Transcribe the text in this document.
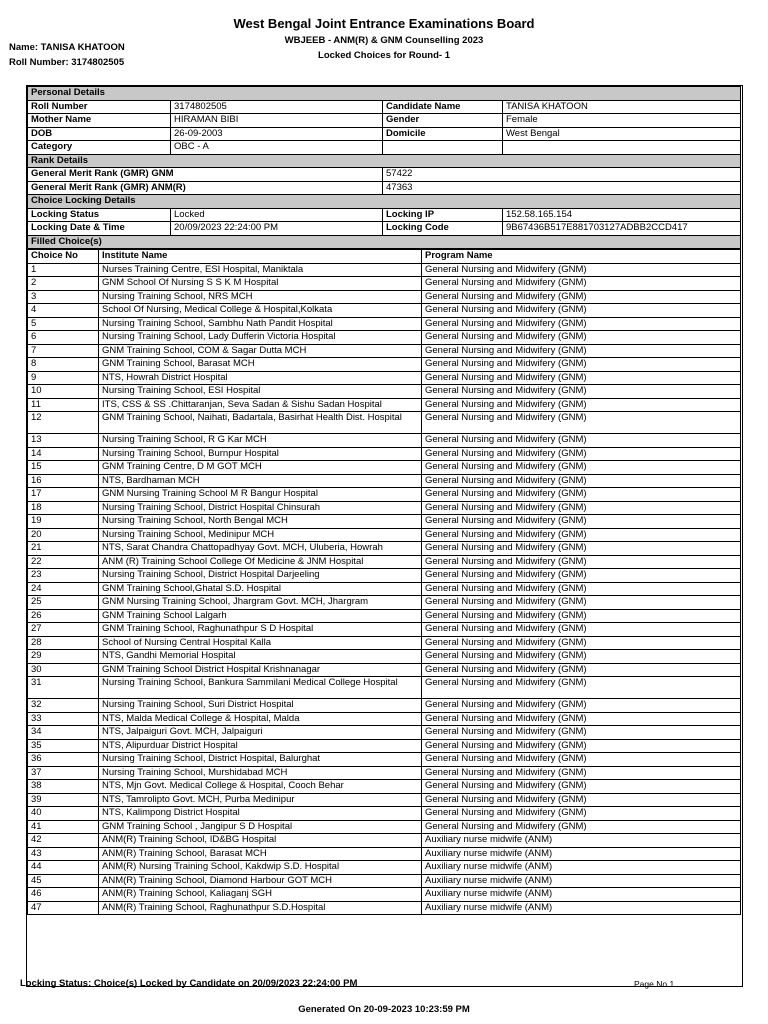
West Bengal Joint Entrance Examinations Board
WBJEEB - ANM(R) & GNM Counselling 2023
Locked Choices for Round- 1
Name: TANISA KHATOON
Roll Number: 3174802505
Personal Details			
Roll Number	3174802505	Candidate Name	TANISA KHATOON
Mother Name	HIRAMAN BIBI	Gender	Female
DOB	26-09-2003	Domicile	West Bengal
Category	OBC - A		
Rank Details			
General Merit Rank (GMR) GNM		57422	
General Merit Rank (GMR) ANM(R)		47363	
Choice Locking Details			
Locking Status	Locked	Locking IP	152.58.165.154
Locking Date & Time	20/09/2023 22:24:00 PM	Locking Code	9B67436B517E881703127ADBB2CCD417
Filled Choice(s)			
Choice No	Institute Name	Program Name
1	Nurses Training Centre, ESI Hospital, Maniktala	General Nursing and Midwifery (GNM)
2	GNM School Of Nursing S S K M Hospital	General Nursing and Midwifery (GNM)
3	Nursing Training School, NRS MCH	General Nursing and Midwifery (GNM)
4	School Of Nursing, Medical College & Hospital,Kolkata	General Nursing and Midwifery (GNM)
5	Nursing Training School, Sambhu Nath Pandit Hospital	General Nursing and Midwifery (GNM)
6	Nursing Training School, Lady Dufferin Victoria Hospital	General Nursing and Midwifery (GNM)
7	GNM Training School, COM & Sagar Dutta MCH	General Nursing and Midwifery (GNM)
8	GNM Training School, Barasat MCH	General Nursing and Midwifery (GNM)
9	NTS, Howrah District Hospital	General Nursing and Midwifery (GNM)
10	Nursing Training School, ESI Hospital	General Nursing and Midwifery (GNM)
11	ITS, CSS & SS .Chittaranjan, Seva Sadan & Sishu Sadan Hospital	General Nursing and Midwifery (GNM)
12	GNM Training School, Naihati, Badartala, Basirhat Health Dist. Hospital	General Nursing and Midwifery (GNM)
13	Nursing Training School, R G Kar MCH	General Nursing and Midwifery (GNM)
14	Nursing Training School, Burnpur Hospital	General Nursing and Midwifery (GNM)
15	GNM Training Centre, D M GOT MCH	General Nursing and Midwifery (GNM)
16	NTS, Bardhaman MCH	General Nursing and Midwifery (GNM)
17	GNM Nursing Training School M R Bangur Hospital	General Nursing and Midwifery (GNM)
18	Nursing Training School, District Hospital Chinsurah	General Nursing and Midwifery (GNM)
19	Nursing Training School, North Bengal MCH	General Nursing and Midwifery (GNM)
20	Nursing Training School, Medinipur MCH	General Nursing and Midwifery (GNM)
21	NTS, Sarat Chandra Chattopadhyay Govt. MCH, Uluberia, Howrah	General Nursing and Midwifery (GNM)
22	ANM (R) Training School College Of Medicine & JNM Hospital	General Nursing and Midwifery (GNM)
23	Nursing Training School, District Hospital Darjeeling	General Nursing and Midwifery (GNM)
24	GNM Training School,Ghatal S.D. Hospital	General Nursing and Midwifery (GNM)
25	GNM Nursing Training School, Jhargram Govt. MCH, Jhargram	General Nursing and Midwifery (GNM)
26	GNM Training School Lalgarh	General Nursing and Midwifery (GNM)
27	GNM Training School, Raghunathpur S D Hospital	General Nursing and Midwifery (GNM)
28	School of Nursing Central Hospital Kalla	General Nursing and Midwifery (GNM)
29	NTS, Gandhi Memorial Hospital	General Nursing and Midwifery (GNM)
30	GNM Training School District Hospital Krishnanagar	General Nursing and Midwifery (GNM)
31	Nursing Training School, Bankura Sammilani Medical College Hospital	General Nursing and Midwifery (GNM)
32	Nursing Training School, Suri District Hospital	General Nursing and Midwifery (GNM)
33	NTS, Malda Medical College & Hospital, Malda	General Nursing and Midwifery (GNM)
34	NTS, Jalpaiguri Govt. MCH, Jalpaiguri	General Nursing and Midwifery (GNM)
35	NTS, Alipurduar District Hospital	General Nursing and Midwifery (GNM)
36	Nursing Training School, District Hospital, Balurghat	General Nursing and Midwifery (GNM)
37	Nursing Training School, Murshidabad MCH	General Nursing and Midwifery (GNM)
38	NTS, Mjn Govt. Medical College & Hospital, Cooch Behar	General Nursing and Midwifery (GNM)
39	NTS, Tamrolipto Govt. MCH, Purba Medinipur	General Nursing and Midwifery (GNM)
40	NTS, Kalimpong District Hospital	General Nursing and Midwifery (GNM)
41	GNM Training School , Jangipur S D Hospital	General Nursing and Midwifery (GNM)
42	ANM(R) Training School, ID&BG Hospital	Auxiliary nurse midwife (ANM)
43	ANM(R) Training School, Barasat MCH	Auxiliary nurse midwife (ANM)
44	ANM(R) Nursing Training School, Kakdwip S.D. Hospital	Auxiliary nurse midwife (ANM)
45	ANM(R) Training School, Diamond Harbour GOT MCH	Auxiliary nurse midwife (ANM)
46	ANM(R) Training School, Kaliaganj SGH	Auxiliary nurse midwife (ANM)
47	ANM(R) Training School, Raghunathpur S.D.Hospital	Auxiliary nurse midwife (ANM)
Locking Status: Choice(s) Locked by Candidate on 20/09/2023 22:24:00 PM	Page No.1
Generated On 20-09-2023 10:23:59 PM
